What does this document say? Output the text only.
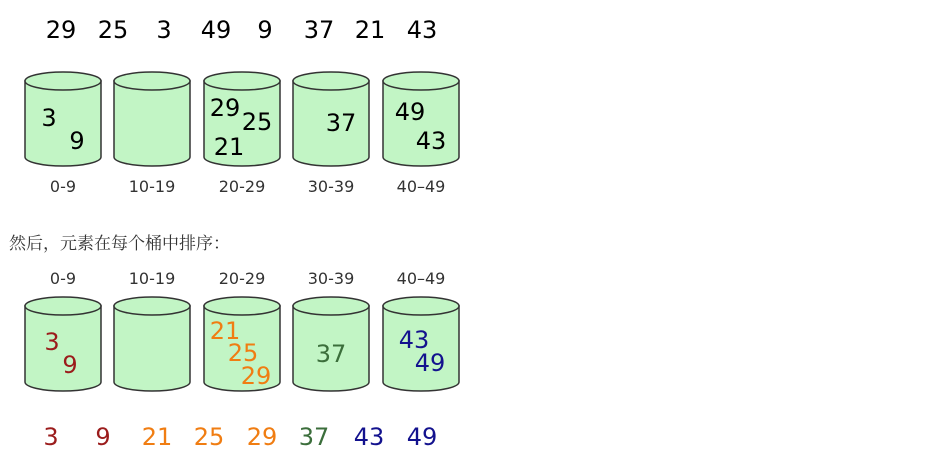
29 25 3 49 9 37 21 43
3
9
29 25
21
37 49
43
0-9	10-19	20-29	30-39	40–49
0-9	10-19	20-29	30-39	40–49
3
9
21
25
29
37 43
49
3 9 21 25 29 37 43 49
然后，元素在每个桶中排序：
